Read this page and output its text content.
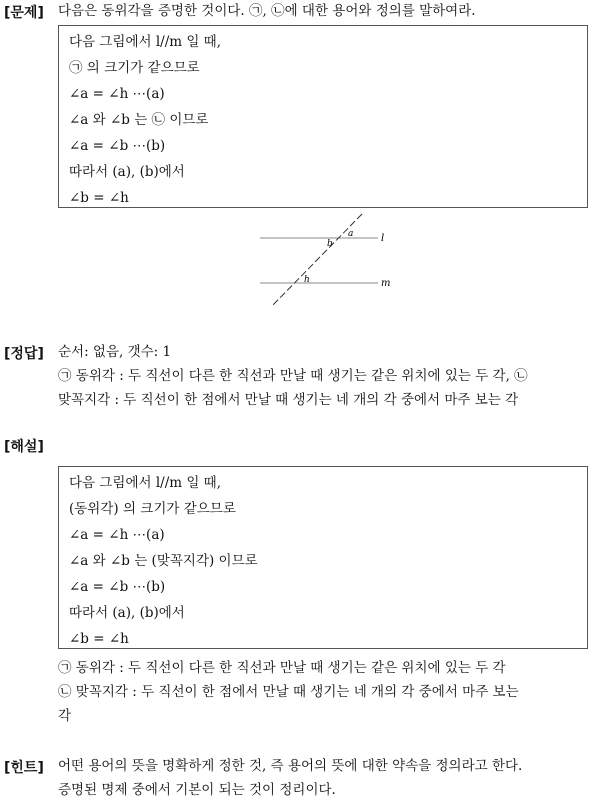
[문제] 다음은 동위각을 증명한 것이다. ㉠, ㉡에 대한 용어와 정의를 말하여라.
다음 그림에서 l//m 일 때,
㉠ 의 크기가 같으므로
∠a = ∠h ⋯(a)
∠a 와 ∠b 는 ㉡ 이므로
∠a = ∠b ⋯(b)
따라서 (a), (b)에서
∠b = ∠h
l
m
a
b
h
[정답] 순서: 없음, 갯수: 1
㉠ 동위각 : 두 직선이 다른 한 직선과 만날 때 생기는 같은 위치에 있는 두 각, ㉡
맞꼭지각 : 두 직선이 한 점에서 만날 때 생기는 네 개의 각 중에서 마주 보는 각
[해설]
다음 그림에서 l//m 일 때,
(동위각) 의 크기가 같으므로
∠a = ∠h ⋯(a)
∠a 와 ∠b 는 (맞꼭지각) 이므로
∠a = ∠b ⋯(b)
따라서 (a), (b)에서
∠b = ∠h
㉠ 동위각 : 두 직선이 다른 한 직선과 만날 때 생기는 같은 위치에 있는 두 각
㉡ 맞꼭지각 : 두 직선이 한 점에서 만날 때 생기는 네 개의 각 중에서 마주 보는
각
[힌트] 어떤 용어의 뜻을 명확하게 정한 것, 즉 용어의 뜻에 대한 약속을 정의라고 한다.
증명된 명제 중에서 기본이 되는 것이 정리이다.
